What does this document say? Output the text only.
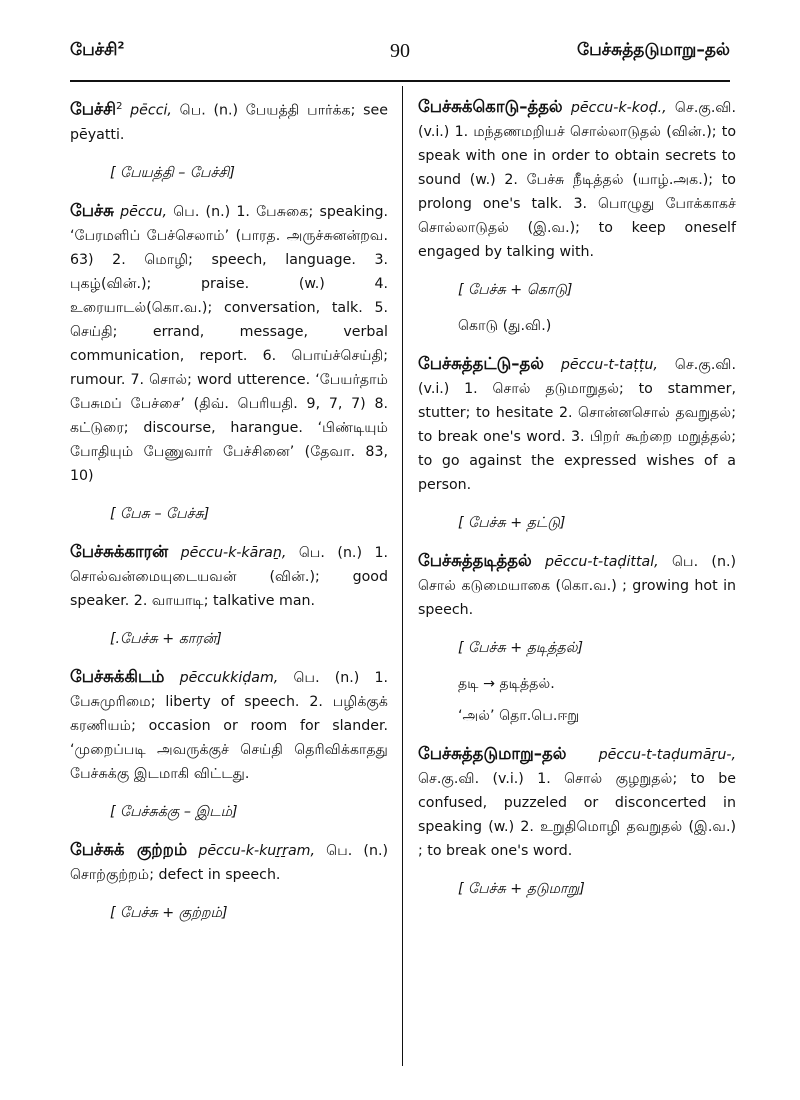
பேச்சி$^2$	90	பேச்சுத்தடுமாறு–தல்
பேச்சி$^2$ pēcci, பெ. (n.) பேயத்தி பார்க்க; see pēyatti.
[ பேயத்தி – பேச்சி]
பேச்சு pēccu, பெ. (n.) 1. பேசுகை; speaking. ‘பேரமளிப் பேச்செலாம்’ (பாரத. அருச்சுனன்றவ. 63) 2. மொழி; speech, language. 3. புகழ்(வின்.); praise. (w.) 4. உரையாடல்(கொ.வ.); conversation, talk. 5. செய்தி; errand, message, verbal communication, report. 6. பொய்ச்செய்தி; rumour. 7. சொல்; word utterence. ‘பேயர்தாம் பேசுமப் பேச்சை’ (திவ். பெரியதி. 9, 7, 7) 8. கட்டுரை; discourse, harangue. ‘பிண்டியும் போதியும் பேணுவார் பேச்சினை’ (தேவா. 83, 10)
[ பேசு – பேச்சு]
பேச்சுக்காரன் pēccu-k-kāraṉ, பெ. (n.) 1. சொல்வன்மையுடையவன் (வின்.); good speaker. 2. வாயாடி; talkative man.
[.பேச்சு + காரன்]
பேச்சுக்கிடம் pēccukkiḍam, பெ. (n.) 1. பேசுமுரிமை; liberty of speech. 2. பழிக்குக் கரணியம்; occasion or room for slander. ‘முறைப்படி அவருக்குச் செய்தி தெரிவிக்காதது பேச்சுக்கு இடமாகி விட்டது.
[ பேச்சுக்கு – இடம்]
பேச்சுக் குற்றம் pēccu-k-kuṟṟam, பெ. (n.) சொற்குற்றம்; defect in speech.
[ பேச்சு + குற்றம்]
பேச்சுக்கொடு–த்தல் pēccu-k-koḍ., செ.கு.வி. (v.i.) 1. மந்தணமறியச் சொல்லாடுதல் (வின்.); to speak with one in order to obtain secrets to sound (w.) 2. பேச்சு நீடித்தல் (யாழ்.அக.); to prolong one's talk. 3. பொழுது போக்காகச் சொல்லாடுதல் (இ.வ.); to keep oneself engaged by talking with.
[ பேச்சு + கொடு]
கொடு (து.வி.)
பேச்சுத்தட்டு–தல் pēccu-t-taṭṭu, செ.கு.வி. (v.i.) 1. சொல் தடுமாறுதல்; to stammer, stutter; to hesitate 2. சொன்னசொல் தவறுதல்; to break one's word. 3. பிறர் கூற்றை மறுத்தல்; to go against the expressed wishes of a person.
[ பேச்சு + தட்டு]
பேச்சுத்தடித்தல் pēccu-t-taḍittal, பெ. (n.) சொல் கடுமையாகை (கொ.வ.) ; growing hot in speech.
[ பேச்சு + தடித்தல்]
தடி → தடித்தல்.
‘அல்’ தொ.பெ.ஈறு
பேச்சுத்தடுமாறு–தல் pēccu-t-taḍumāṟu-, செ.கு.வி. (v.i.) 1. சொல் குழறுதல்; to be confused, puzzeled or disconcerted in speaking (w.) 2. உறுதிமொழி தவறுதல் (இ.வ.) ; to break one's word.
[ பேச்சு + தடுமாறு]
